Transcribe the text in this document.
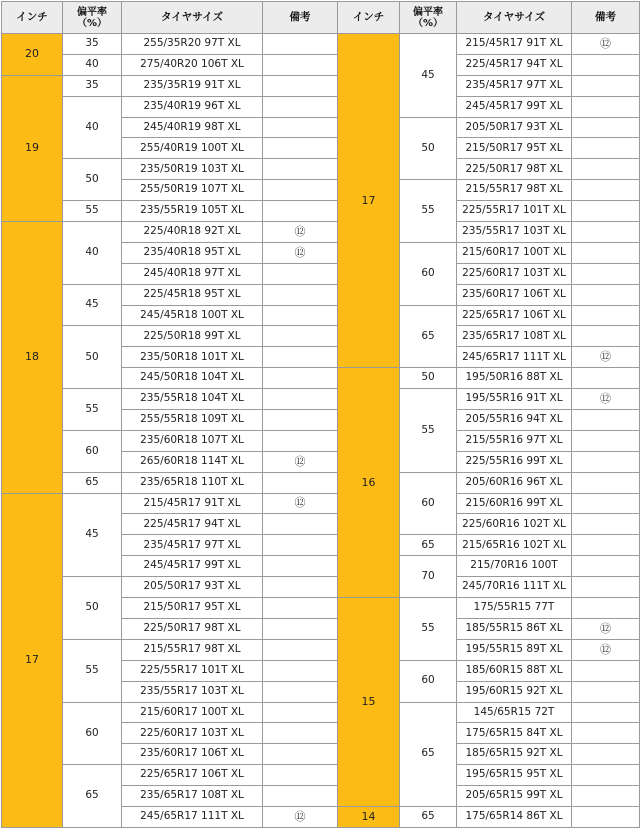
インチ	偏平率
（%）	タイヤサイズ	備考
20	35	255/35R20 97T XL	
	40	275/40R20 106T XL	
19	35	235/35R19 91T XL	
	40	235/40R19 96T XL	
		245/40R19 98T XL	
		255/40R19 100T XL	
	50	235/50R19 103T XL	
		255/50R19 107T XL	
	55	235/55R19 105T XL	
18	40	225/40R18 92T XL	⑫
		235/40R18 95T XL	⑫
		245/40R18 97T XL	
	45	225/45R18 95T XL	
		245/45R18 100T XL	
	50	225/50R18 99T XL	
		235/50R18 101T XL	
		245/50R18 104T XL	
	55	235/55R18 104T XL	
		255/55R18 109T XL	
	60	235/60R18 107T XL	
		265/60R18 114T XL	⑫
	65	235/65R18 110T XL	
17	45	215/45R17 91T XL	⑫
		225/45R17 94T XL	
		235/45R17 97T XL	
		245/45R17 99T XL	
	50	205/50R17 93T XL	
		215/50R17 95T XL	
		225/50R17 98T XL	
	55	215/55R17 98T XL	
		225/55R17 101T XL	
		235/55R17 103T XL	
	60	215/60R17 100T XL	
		225/60R17 103T XL	
		235/60R17 106T XL	
	65	225/65R17 106T XL	
		235/65R17 108T XL	
		245/65R17 111T XL	⑫
インチ	偏平率
（%）	タイヤサイズ	備考
17	45	215/45R17 91T XL	⑫
		225/45R17 94T XL	
		235/45R17 97T XL	
		245/45R17 99T XL	
	50	205/50R17 93T XL	
		215/50R17 95T XL	
		225/50R17 98T XL	
	55	215/55R17 98T XL	
		225/55R17 101T XL	
		235/55R17 103T XL	
	60	215/60R17 100T XL	
		225/60R17 103T XL	
		235/60R17 106T XL	
	65	225/65R17 106T XL	
		235/65R17 108T XL	
		245/65R17 111T XL	⑫
16	50	195/50R16 88T XL	
	55	195/55R16 91T XL	⑫
		205/55R16 94T XL	
		215/55R16 97T XL	
		225/55R16 99T XL	
	60	205/60R16 96T XL	
		215/60R16 99T XL	
		225/60R16 102T XL	
	65	215/65R16 102T XL	
	70	215/70R16 100T	
		245/70R16 111T XL	
15	55	175/55R15 77T	
		185/55R15 86T XL	⑫
		195/55R15 89T XL	⑫
	60	185/60R15 88T XL	
		195/60R15 92T XL	
	65	145/65R15 72T	
		175/65R15 84T XL	
		185/65R15 92T XL	
		195/65R15 95T XL	
		205/65R15 99T XL	
14	65	175/65R14 86T XL	
